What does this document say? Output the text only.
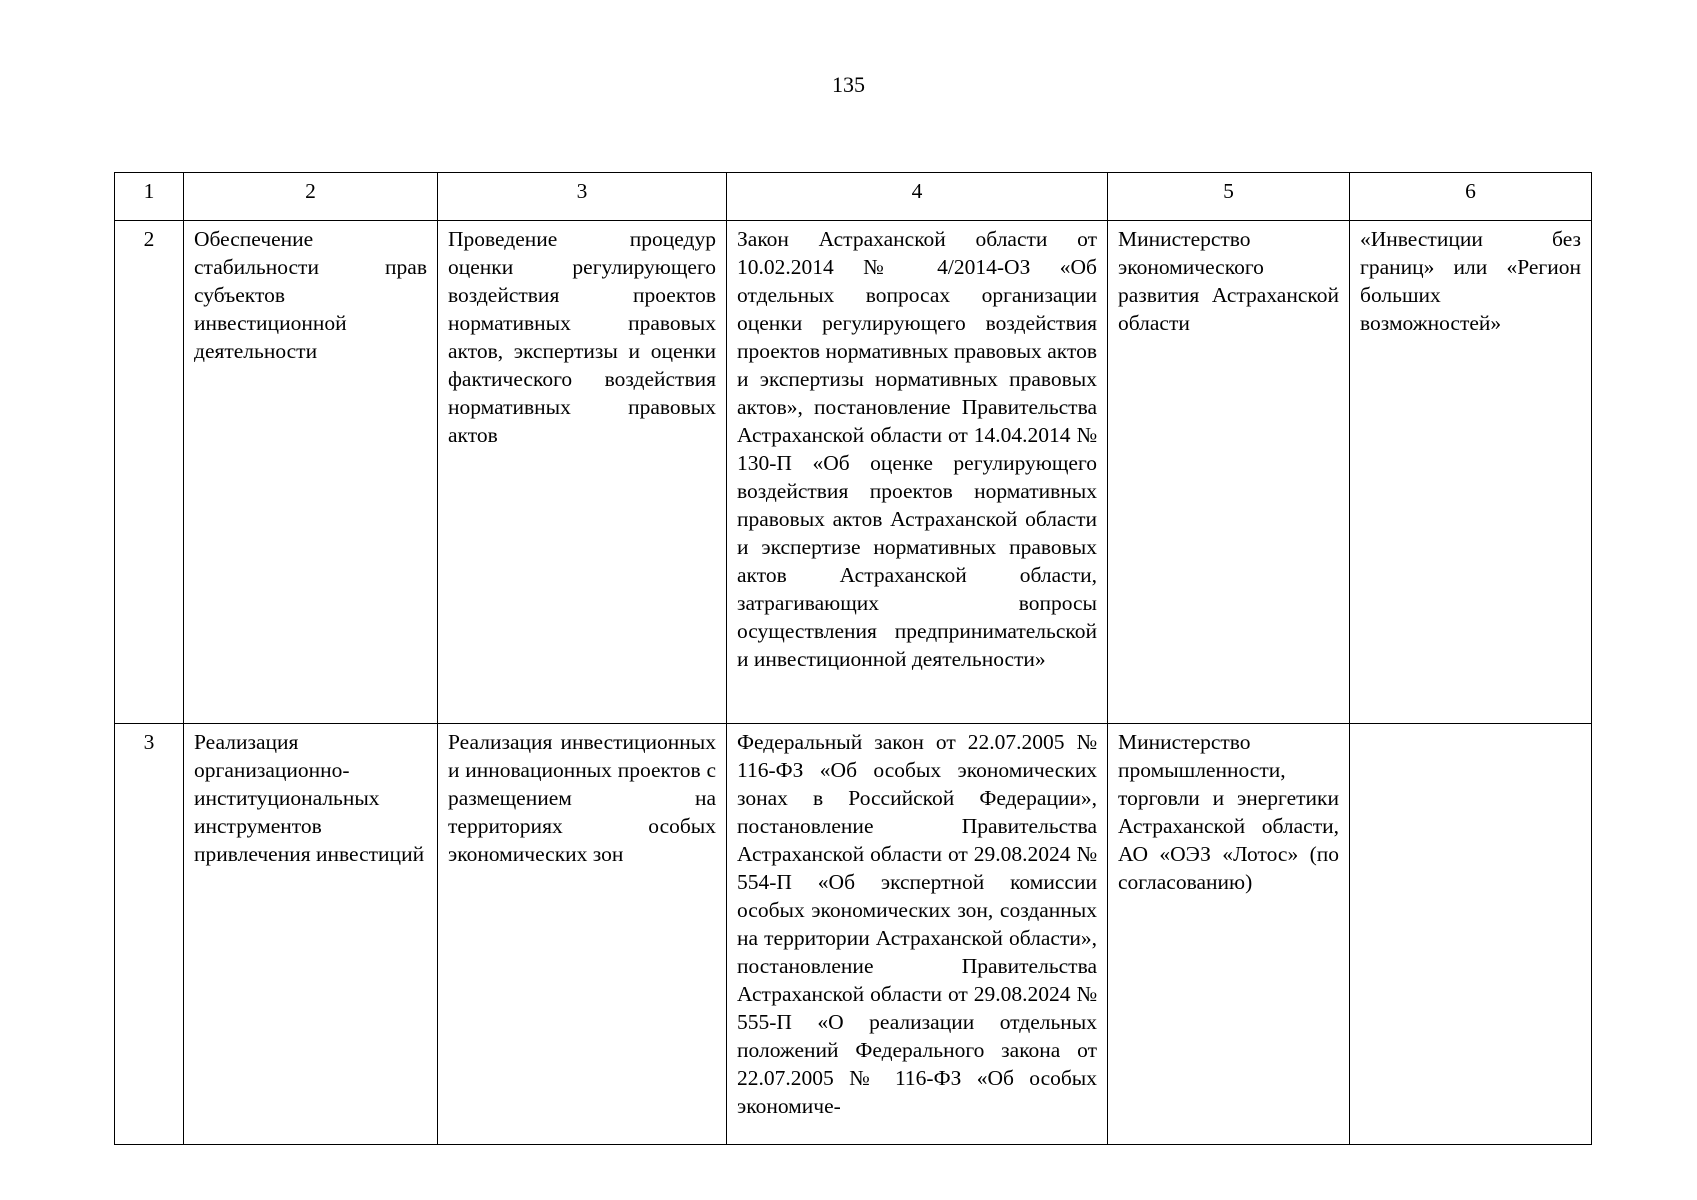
135
1	2	3	4	5	6
2	Обеспечение стабильности прав субъектов инвестиционной деятельности	Проведение процедур оценки регулирующего воздействия проектов нормативных правовых актов, экспертизы и оценки фактического воздействия нормативных правовых актов	Закон Астраханской области от 10.02.2014 № 4/2014-ОЗ «Об отдельных вопросах организации оценки регулирующего воздействия проектов нормативных правовых актов и экспертизы нормативных правовых актов», постановление Правительства Астраханской области от 14.04.2014 № 130-П «Об оценке регулирующего воздействия проектов нормативных правовых актов Астраханской области и экспертизе нормативных правовых актов Астраханской области, затрагивающих вопросы осуществления предпринимательской и инвестиционной деятельности»	Министерство экономического развития Астраханской области	«Инвестиции без границ» или «Регион больших возможностей»
3	Реализация организационно-институциональных инструментов привлечения инвестиций	Реализация инвестиционных и инновационных проектов с размещением на территориях особых экономических зон	Федеральный закон от 22.07.2005 № 116-ФЗ «Об особых экономических зонах в Российской Федерации», постановление Правительства Астраханской области от 29.08.2024 № 554-П «Об экспертной комиссии особых экономических зон, созданных на территории Астраханской области», постановление Правительства Астраханской области от 29.08.2024 № 555-П «О реализации отдельных положений Федерального закона от 22.07.2005 № 116-ФЗ «Об особых экономиче-	Министерство промышленности, торговли и энергетики Астраханской области, АО «ОЭЗ «Лотос» (по согласованию)	
